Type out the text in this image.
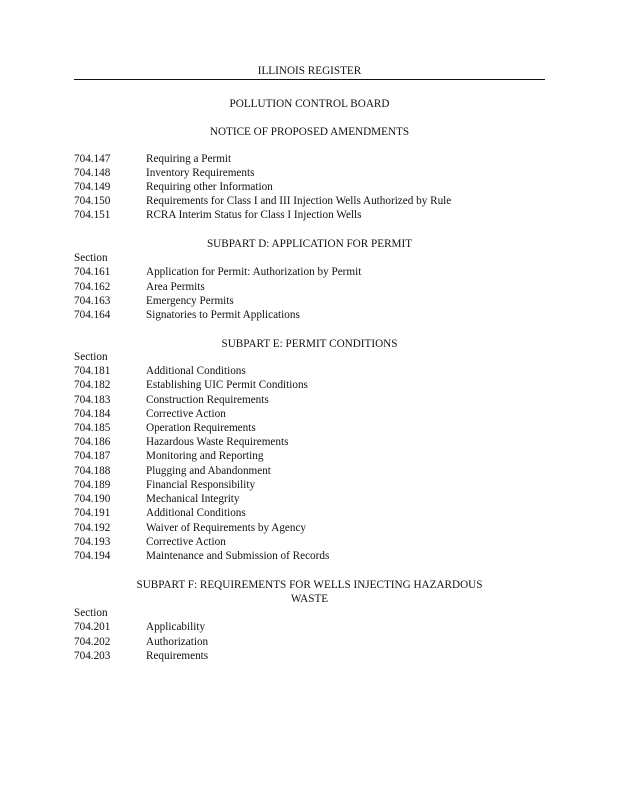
ILLINOIS REGISTER
POLLUTION CONTROL BOARD
NOTICE OF PROPOSED AMENDMENTS
704.147	Requiring a Permit
704.148	Inventory Requirements
704.149	Requiring other Information
704.150	Requirements for Class I and III Injection Wells Authorized by Rule
704.151	RCRA Interim Status for Class I Injection Wells
SUBPART D: APPLICATION FOR PERMIT
Section
704.161	Application for Permit: Authorization by Permit
704.162	Area Permits
704.163	Emergency Permits
704.164	Signatories to Permit Applications
SUBPART E: PERMIT CONDITIONS
Section
704.181	Additional Conditions
704.182	Establishing UIC Permit Conditions
704.183	Construction Requirements
704.184	Corrective Action
704.185	Operation Requirements
704.186	Hazardous Waste Requirements
704.187	Monitoring and Reporting
704.188	Plugging and Abandonment
704.189	Financial Responsibility
704.190	Mechanical Integrity
704.191	Additional Conditions
704.192	Waiver of Requirements by Agency
704.193	Corrective Action
704.194	Maintenance and Submission of Records
SUBPART F: REQUIREMENTS FOR WELLS INJECTING HAZARDOUS
WASTE
Section
704.201	Applicability
704.202	Authorization
704.203	Requirements
